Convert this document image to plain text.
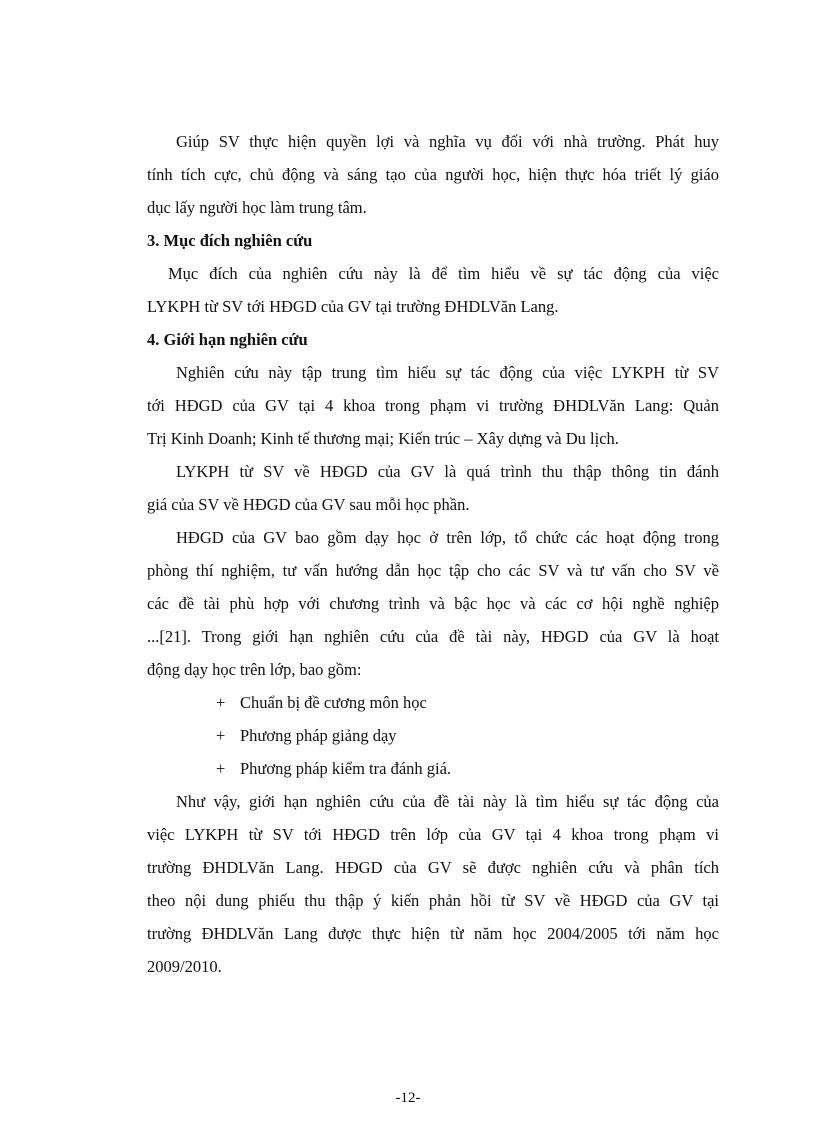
Giúp SV thực hiện quyền lợi và nghĩa vụ đối với nhà trường. Phát huy
tính tích cực, chủ động và sáng tạo của người học, hiện thực hóa triết lý giáo
dục lấy người học làm trung tâm.
3. Mục đích nghiên cứu
Mục đích của nghiên cứu này là để tìm hiểu về sự tác động của việc
LYKPH từ SV tới HĐGD của GV tại trường ĐHDLVăn Lang.
4. Giới hạn nghiên cứu
Nghiên cứu này tập trung tìm hiểu sự tác động của việc LYKPH từ SV
tới HĐGD của GV tại 4 khoa trong phạm vi trường ĐHDLVăn Lang: Quản
Trị Kinh Doanh; Kinh tế thương mại; Kiến trúc – Xây dựng và Du lịch.
LYKPH từ SV về HĐGD của GV là quá trình thu thập thông tin đánh
giá của SV về HĐGD của GV sau mỗi học phần.
HĐGD của GV bao gồm dạy học ở trên lớp, tổ chức các hoạt động trong
phòng thí nghiệm, tư vấn hướng dẫn học tập cho các SV và tư vấn cho SV về
các đề tài phù hợp với chương trình và bậc học và các cơ hội nghề nghiệp
...[21]. Trong giới hạn nghiên cứu của đề tài này, HĐGD của GV là hoạt
động dạy học trên lớp, bao gồm:
+ Chuẩn bị đề cương môn học
+ Phương pháp giảng dạy
+ Phương pháp kiểm tra đánh giá.
Như vậy, giới hạn nghiên cứu của đề tài này là tìm hiểu sự tác động của
việc LYKPH từ SV tới HĐGD trên lớp của GV tại 4 khoa trong phạm vi
trường ĐHDLVăn Lang. HĐGD của GV sẽ được nghiên cứu và phân tích
theo nội dung phiếu thu thập ý kiến phản hồi từ SV về HĐGD của GV tại
trường ĐHDLVăn Lang được thực hiện từ năm học 2004/2005 tới năm học
2009/2010.
-12-
